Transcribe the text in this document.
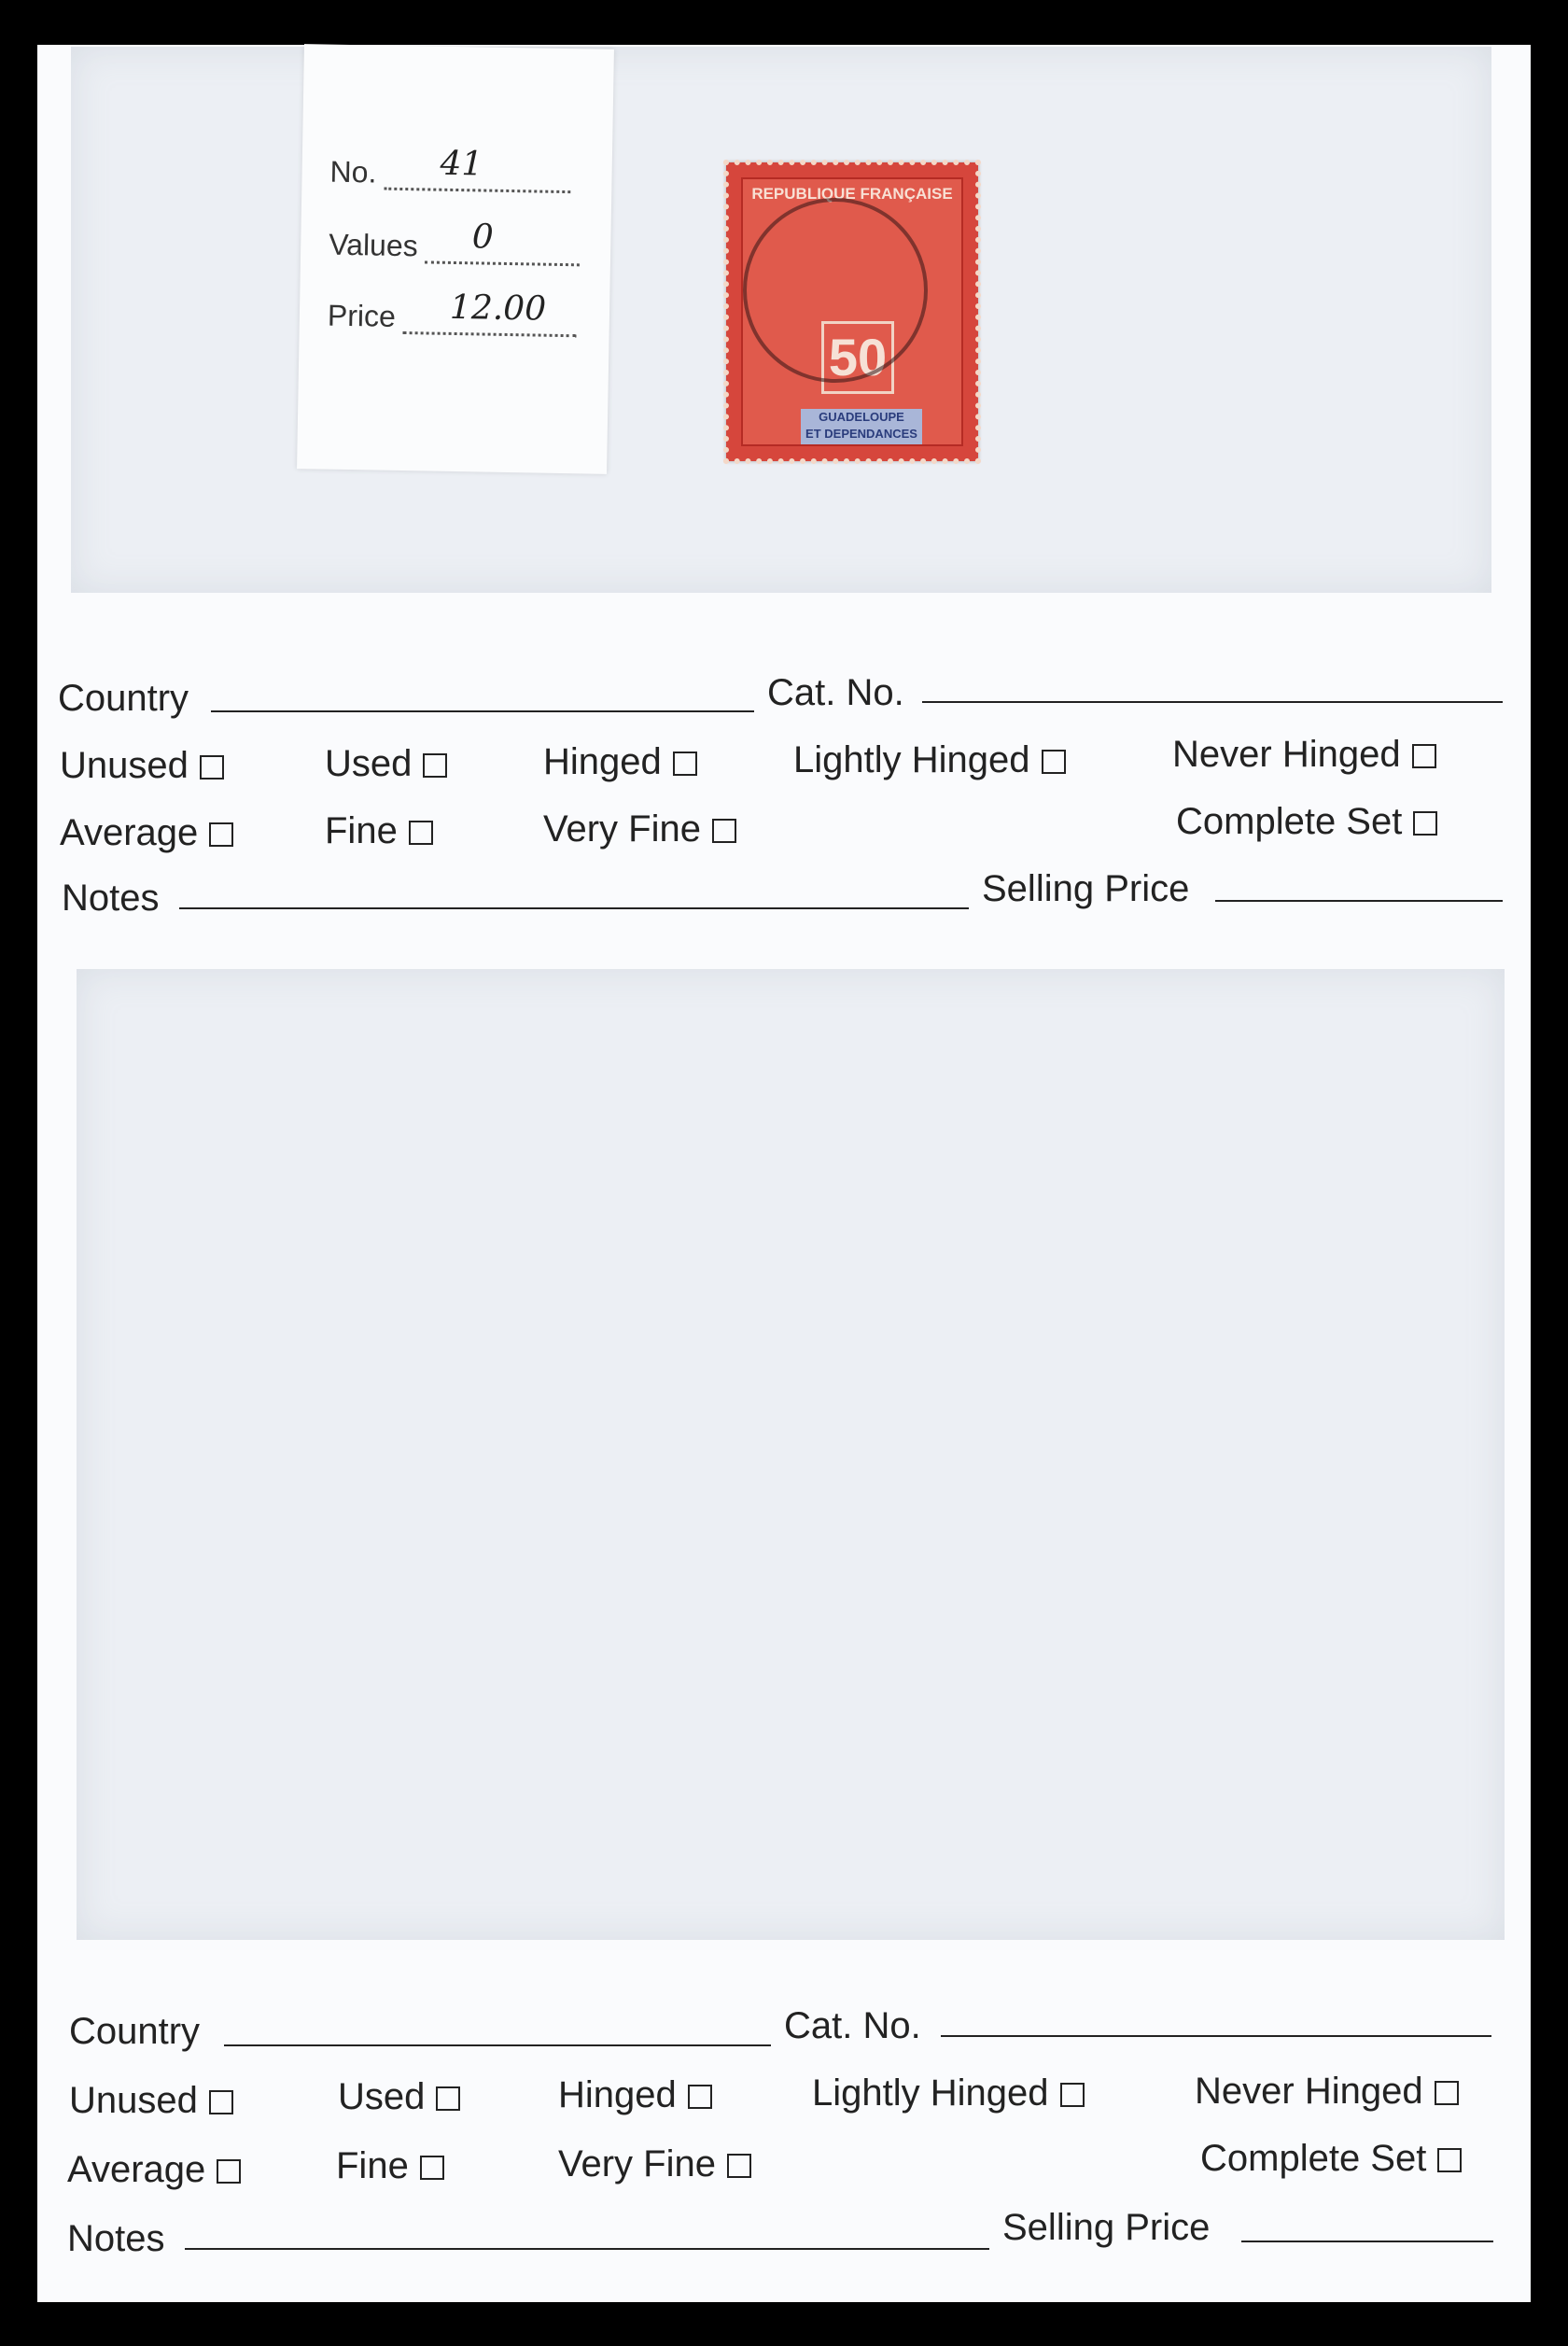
No. 41
Values 0
Price 12.00
REPUBLIQUE FRANÇAISE
50
GUADELOUPE
ET DEPENDANCES
Country	Cat. No.
Unused	Used	Hinged	Lightly Hinged	Never Hinged
Average	Fine	Very Fine	Complete Set
Notes	Selling Price
Country	Cat. No.
Unused	Used	Hinged	Lightly Hinged	Never Hinged
Average	Fine	Very Fine	Complete Set
Notes	Selling Price
